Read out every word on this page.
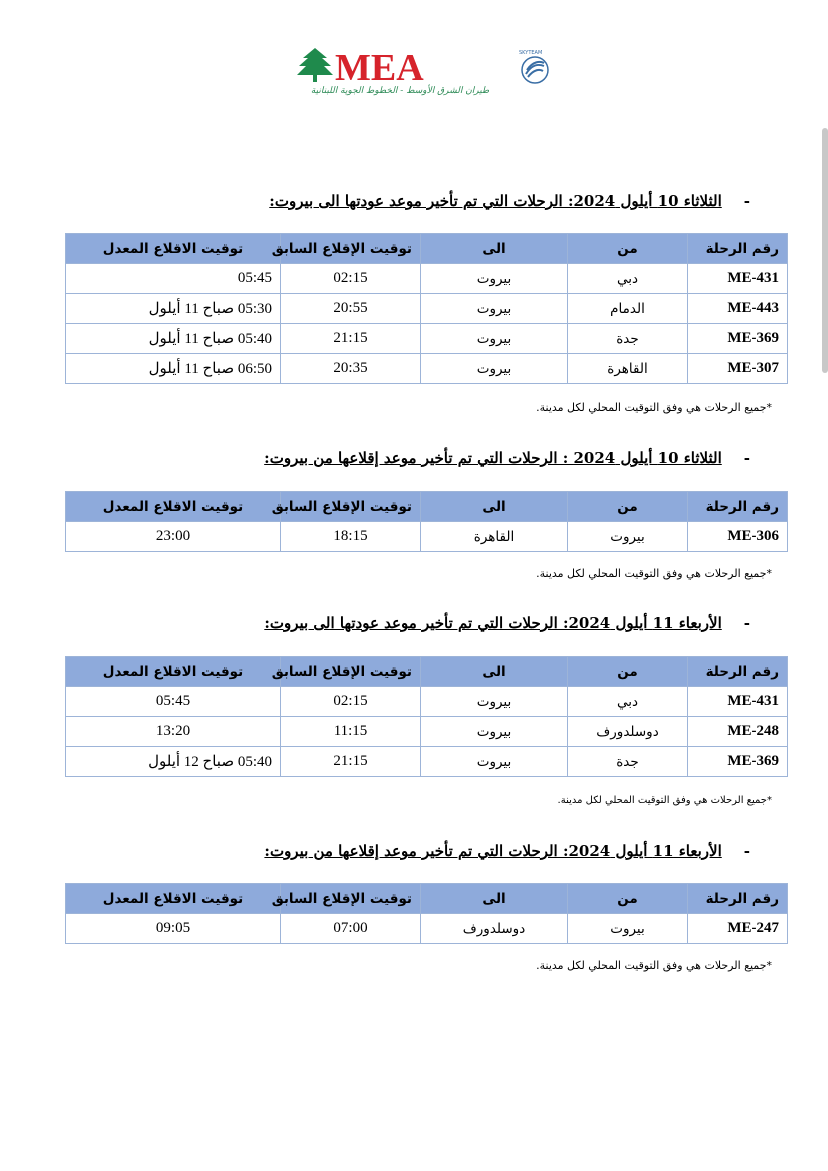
MEA	SKYTEAM
طيران الشرق الأوسط - الخطوط الجوية اللبنانية
-الثلاثاء 10 أيلول 2024: الرحلات التي تم تأخير موعد عودتها الى بيروت:
رقم الرحلة	من	الى	توقيت الإقلاع السابق	توقيت الاقلاع المعدل
ME-431	دبي	بيروت	02:15	05:45
ME-443	الدمام	بيروت	20:55	05:30 صباح 11 أيلول
ME-369	جدة	بيروت	21:15	05:40 صباح 11 أيلول
ME-307	القاهرة	بيروت	20:35	06:50 صباح 11 أيلول
*جميع الرحلات هي وفق التوقيت المحلي لكل مدينة.
-الثلاثاء 10 أيلول 2024 : الرحلات التي تم تأخير موعد إقلاعها من بيروت:
رقم الرحلة	من	الى	توقيت الإقلاع السابق	توقيت الاقلاع المعدل
ME-306	بيروت	القاهرة	18:15	23:00
*جميع الرحلات هي وفق التوقيت المحلي لكل مدينة.
-الأربعاء 11 أيلول 2024: الرحلات التي تم تأخير موعد عودتها الى بيروت:
رقم الرحلة	من	الى	توقيت الإقلاع السابق	توقيت الاقلاع المعدل
ME-431	دبي	بيروت	02:15	05:45
ME-248	دوسلدورف	بيروت	11:15	13:20
ME-369	جدة	بيروت	21:15	05:40 صباح 12 أيلول
*جميع الرحلات هي وفق التوقيت المحلي لكل مدينة.
-الأربعاء 11 أيلول 2024: الرحلات التي تم تأخير موعد إقلاعها من بيروت:
رقم الرحلة	من	الى	توقيت الإقلاع السابق	توقيت الاقلاع المعدل
ME-247	بيروت	دوسلدورف	07:00	09:05
*جميع الرحلات هي وفق التوقيت المحلي لكل مدينة.
